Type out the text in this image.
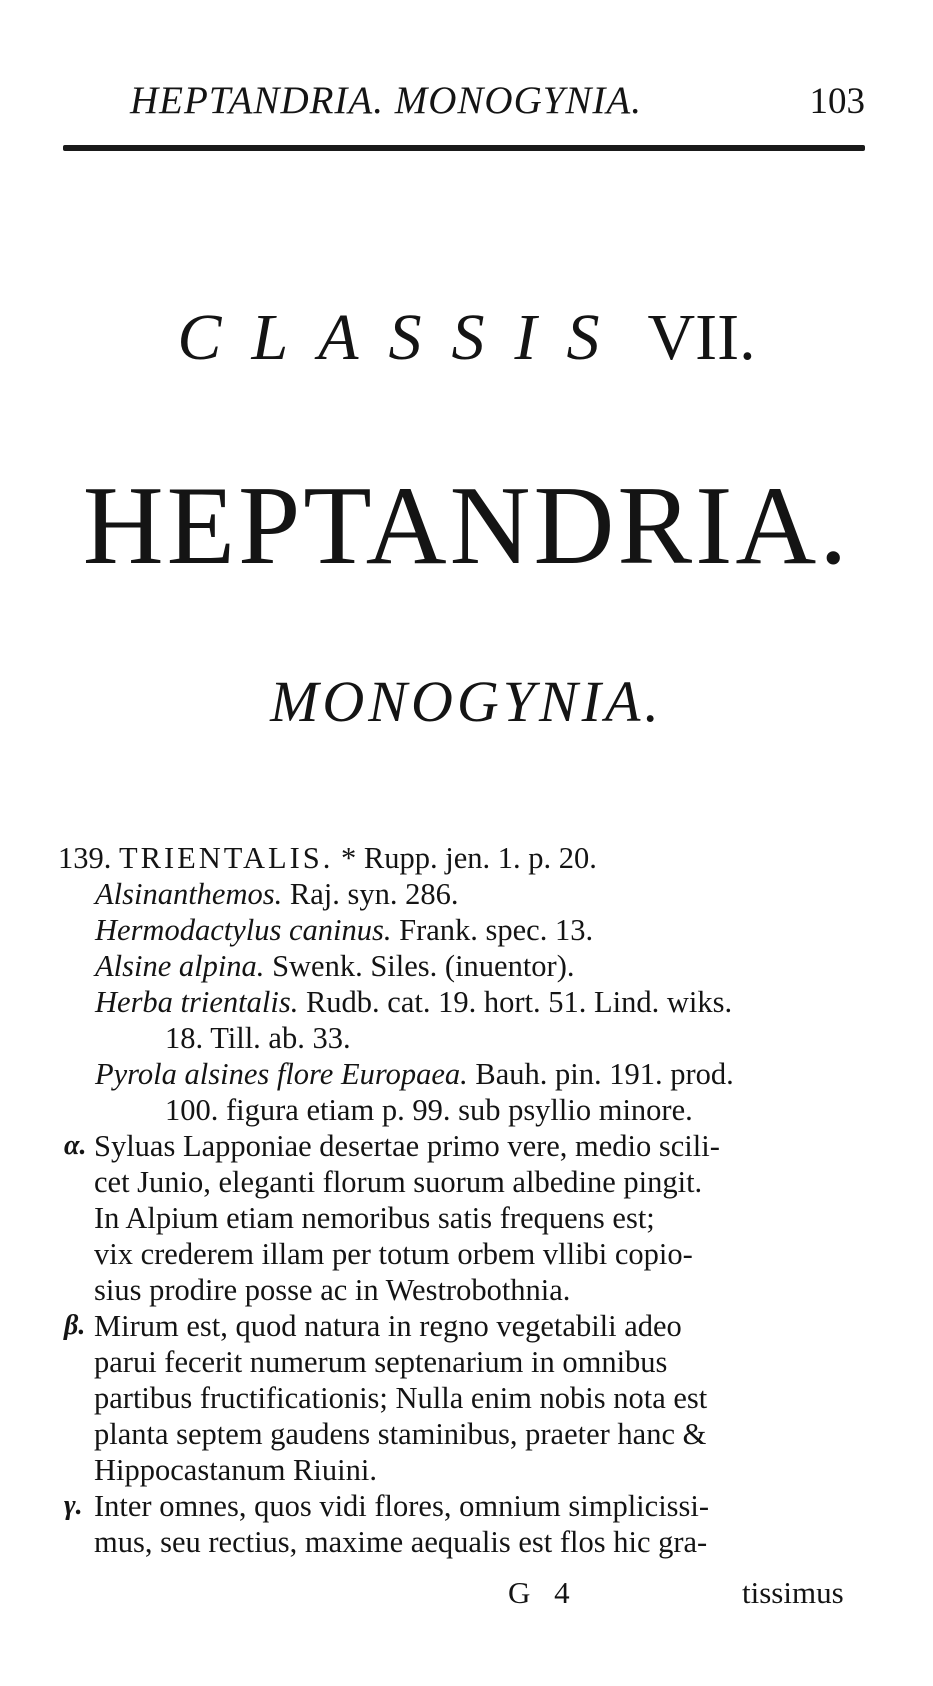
HEPTANDRIA. MONOGYNIA.	103
CLASSIS VII.
HEPTANDRIA.
MONOGYNIA.
139. TRIENTALIS. * Rupp. jen. 1. p. 20.
Alsinanthemos. Raj. syn. 286.
Hermodactylus caninus. Frank. spec. 13.
Alsine alpina. Swenk. Siles. (inuentor).
Herba trientalis. Rudb. cat. 19. hort. 51. Lind. wiks.
18. Till. ab. 33.
Pyrola alsines flore Europaea. Bauh. pin. 191. prod.
100. figura etiam p. 99. sub psyllio minore.
α. Syluas Lapponiae desertae primo vere, medio scili-
cet Junio, eleganti florum suorum albedine pingit.
In Alpium etiam nemoribus satis frequens est;
vix crederem illam per totum orbem vllibi copio-
sius prodire posse ac in Westrobothnia.
β. Mirum est, quod natura in regno vegetabili adeo
parui fecerit numerum septenarium in omnibus
partibus fructificationis; Nulla enim nobis nota est
planta septem gaudens staminibus, praeter hanc &
Hippocastanum Riuini.
γ. Inter omnes, quos vidi flores, omnium simplicissi-
mus, seu rectius, maxime aequalis est flos hic gra-
G 4	tissimus
